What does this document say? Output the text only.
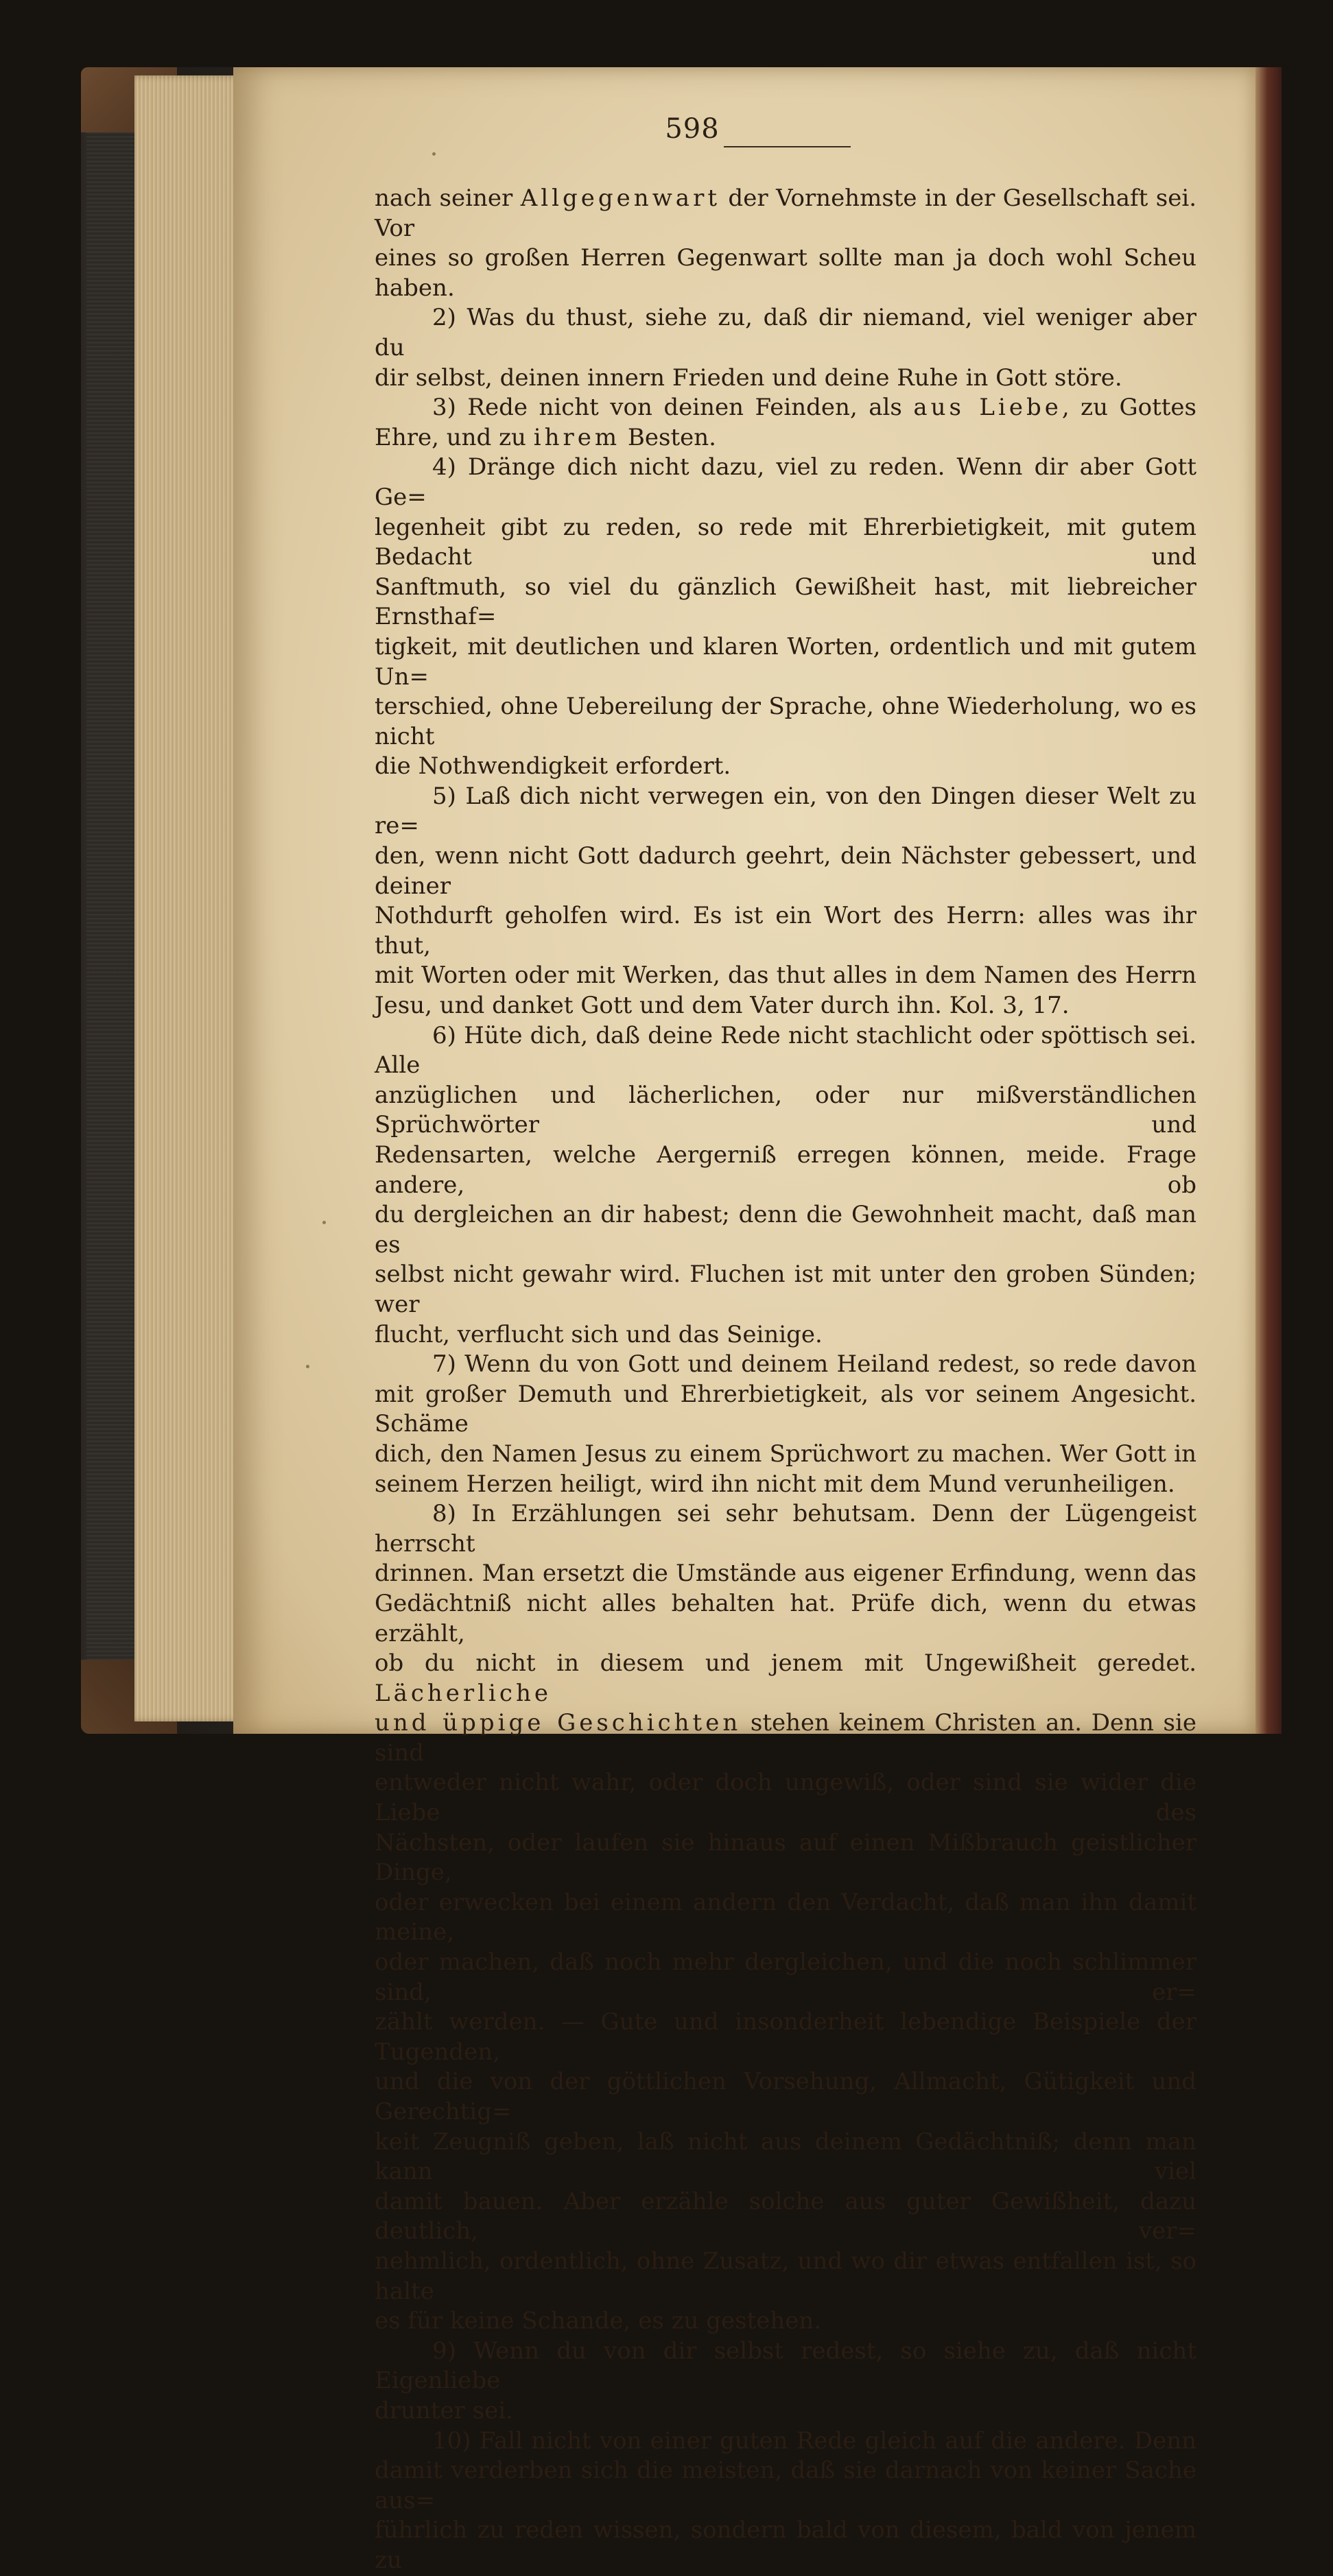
598

nach seiner Allgegenwart der Vornehmste in der Gesellschaft sei. Vor

eines so großen Herren Gegenwart sollte man ja doch wohl Scheu haben.

2) Was du thust, siehe zu, daß dir niemand, viel weniger aber du

dir selbst, deinen innern Frieden und deine Ruhe in Gott störe.

3) Rede nicht von deinen Feinden, als aus Liebe, zu Gottes

Ehre, und zu ihrem Besten.

4) Dränge dich nicht dazu, viel zu reden. Wenn dir aber Gott Ge=

legenheit gibt zu reden, so rede mit Ehrerbietigkeit, mit gutem Bedacht und

Sanftmuth, so viel du gänzlich Gewißheit hast, mit liebreicher Ernsthaf=

tigkeit, mit deutlichen und klaren Worten, ordentlich und mit gutem Un=

terschied, ohne Uebereilung der Sprache, ohne Wiederholung, wo es nicht

die Nothwendigkeit erfordert.

5) Laß dich nicht verwegen ein, von den Dingen dieser Welt zu re=

den, wenn nicht Gott dadurch geehrt, dein Nächster gebessert, und deiner

Nothdurft geholfen wird. Es ist ein Wort des Herrn: alles was ihr thut,

mit Worten oder mit Werken, das thut alles in dem Namen des Herrn

Jesu, und danket Gott und dem Vater durch ihn. Kol. 3, 17.

6) Hüte dich, daß deine Rede nicht stachlicht oder spöttisch sei. Alle

anzüglichen und lächerlichen, oder nur mißverständlichen Sprüchwörter und

Redensarten, welche Aergerniß erregen können, meide. Frage andere, ob

du dergleichen an dir habest; denn die Gewohnheit macht, daß man es

selbst nicht gewahr wird. Fluchen ist mit unter den groben Sünden; wer

flucht, verflucht sich und das Seinige.

7) Wenn du von Gott und deinem Heiland redest, so rede davon

mit großer Demuth und Ehrerbietigkeit, als vor seinem Angesicht. Schäme

dich, den Namen Jesus zu einem Sprüchwort zu machen. Wer Gott in

seinem Herzen heiligt, wird ihn nicht mit dem Mund verunheiligen.

8) In Erzählungen sei sehr behutsam. Denn der Lügengeist herrscht

drinnen. Man ersetzt die Umstände aus eigener Erfindung, wenn das

Gedächtniß nicht alles behalten hat. Prüfe dich, wenn du etwas erzählt,

ob du nicht in diesem und jenem mit Ungewißheit geredet. Lächerliche

und üppige Geschichten stehen keinem Christen an. Denn sie sind

entweder nicht wahr, oder doch ungewiß, oder sind sie wider die Liebe des

Nächsten, oder laufen sie hinaus auf einen Mißbrauch geistlicher Dinge,

oder erwecken bei einem andern den Verdacht, daß man ihn damit meine,

oder machen, daß noch mehr dergleichen, und die noch schlimmer sind, er=

zählt werden. — Gute und insonderheit lebendige Beispiele der Tugenden,

und die von der göttlichen Vorsehung, Allmacht, Gütigkeit und Gerechtig=

keit Zeugniß geben, laß nicht aus deinem Gedächtniß; denn man kann viel

damit bauen. Aber erzähle solche aus guter Gewißheit, dazu deutlich, ver=

nehmlich, ordentlich, ohne Zusatz, und wo dir etwas entfallen ist, so halte

es für keine Schande, es zu gestehen.

9) Wenn du von dir selbst redest, so siehe zu, daß nicht Eigenliebe

drunter sei.

10) Fall nicht von einer guten Rede gleich auf die andere. Denn

damit verderben sich die meisten, daß sie darnach von keiner Sache aus=

führlich zu reden wissen, sondern bald von diesem, bald von jenem zu
